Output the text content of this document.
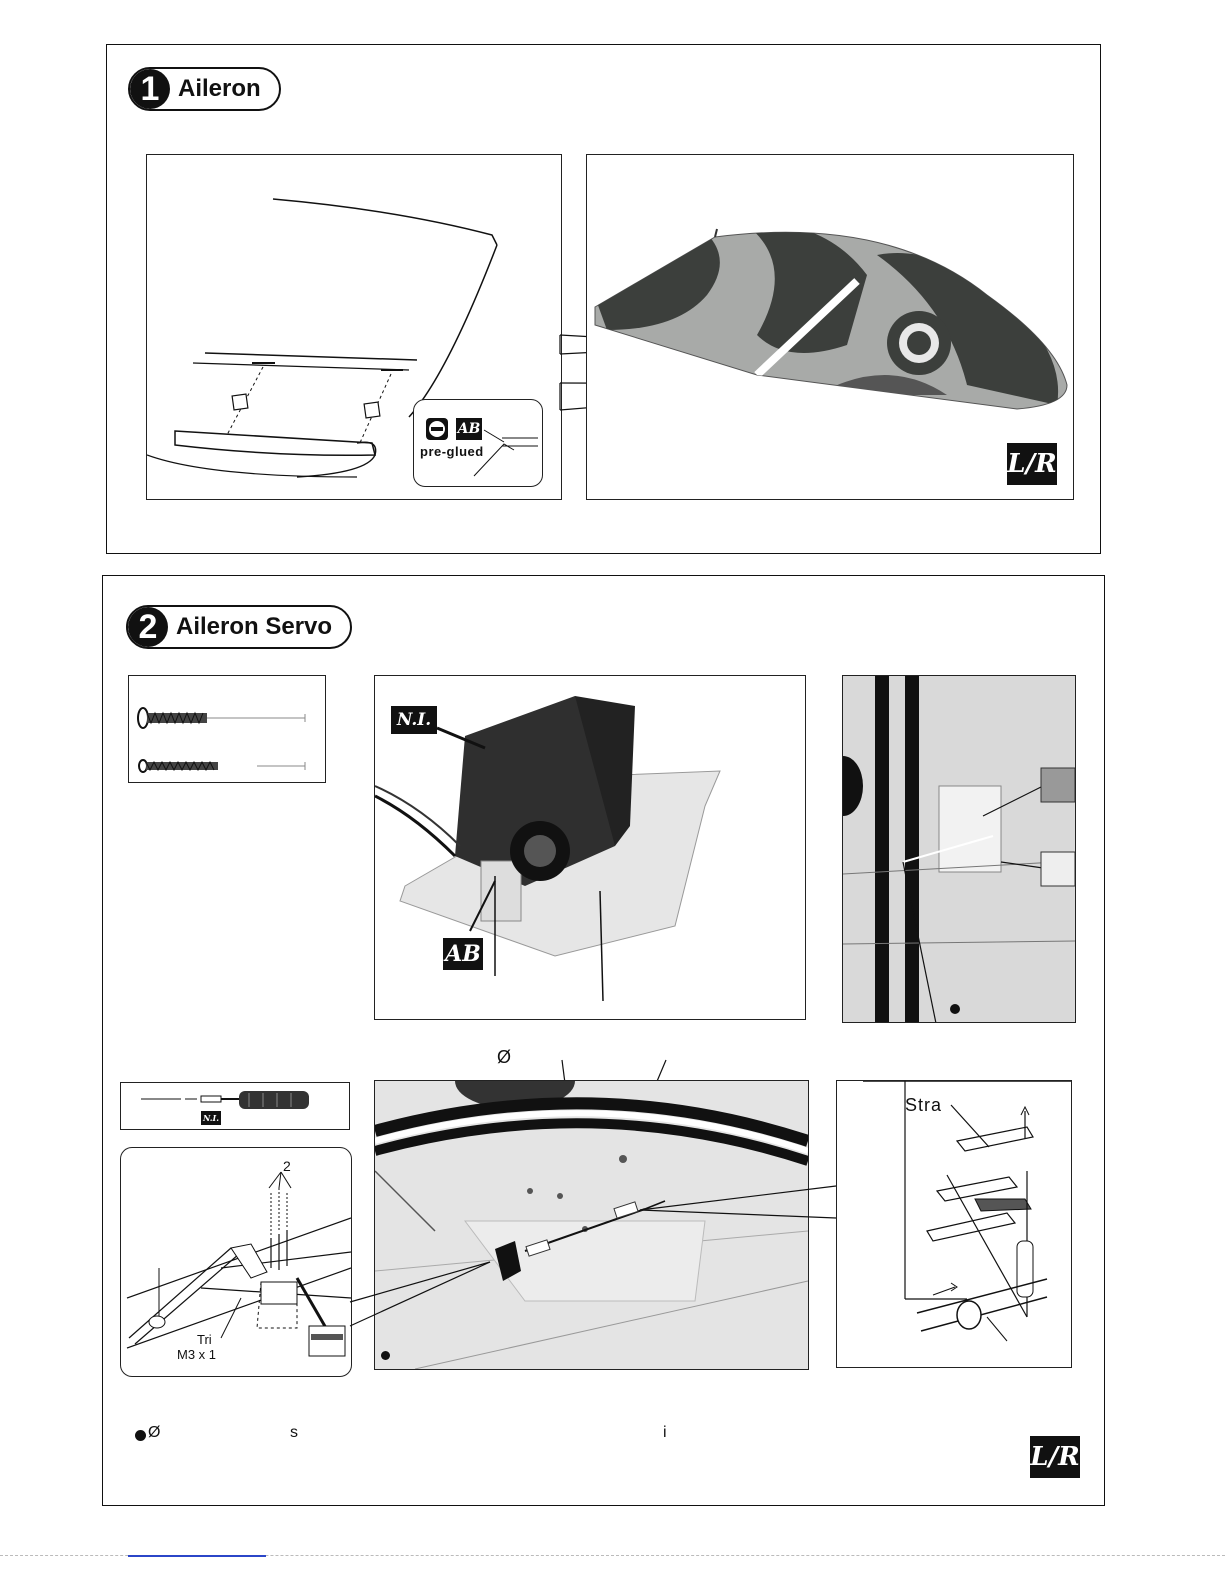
1 Aileron
AB
pre-glued	L/R
2 Aileron Servo
N.I.
AB
Ø
N.I.
2
Tri
M3 x 1
Stra
Ø	s	i
L/R
